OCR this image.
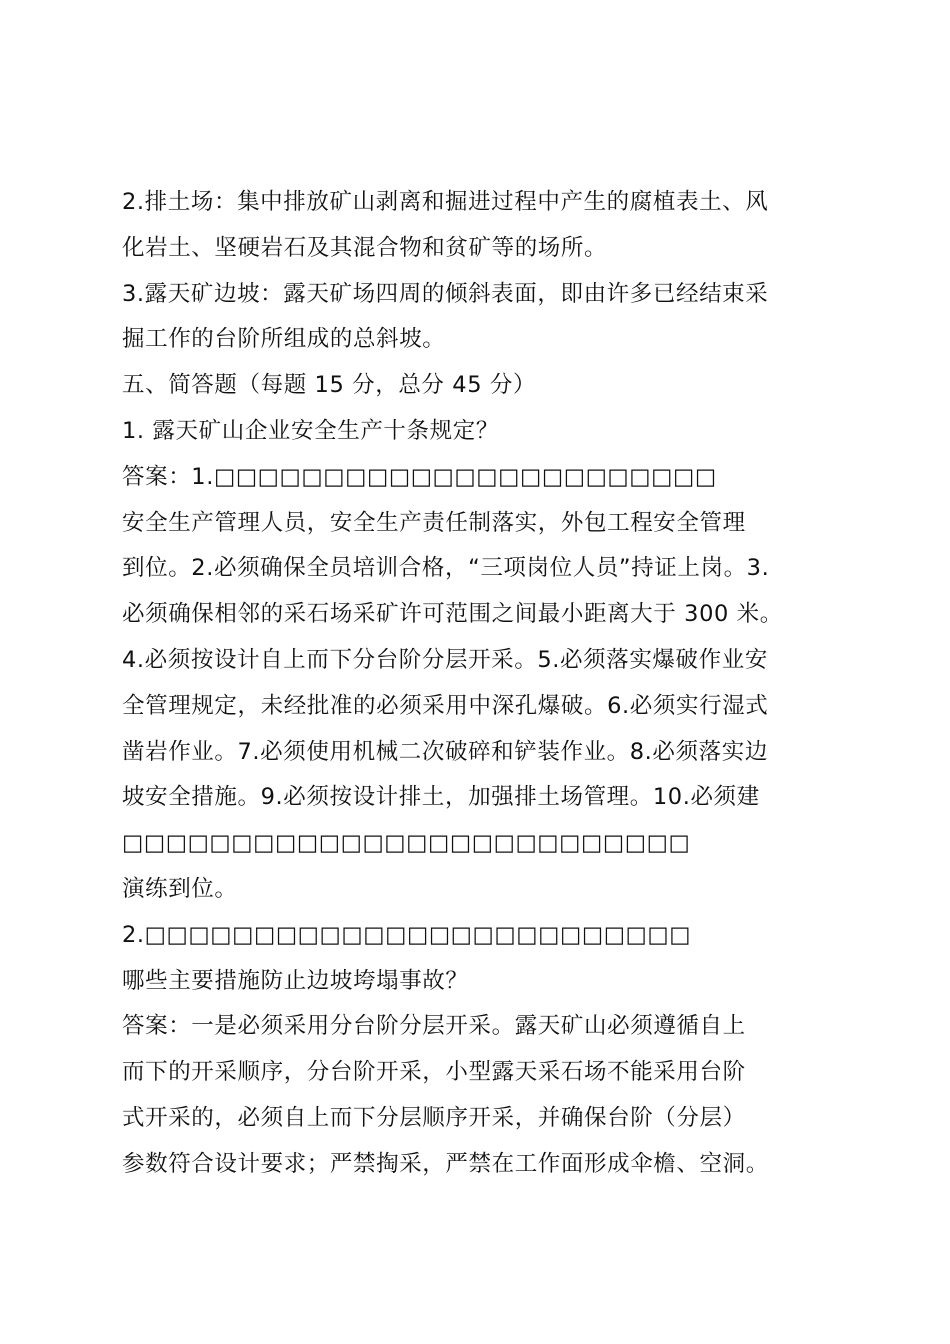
2.排土场：集中排放矿山剥离和掘进过程中产生的腐植表土、风
化岩土、坚硬岩石及其混合物和贫矿等的场所。
3.露天矿边坡：露天矿场四周的倾斜表面，即由许多已经结束采
掘工作的台阶所组成的总斜坡。
五、简答题（每题 15 分，总分 45 分）
1. 露天矿山企业安全生产十条规定？
答案：1.□□□□□□□□□□□□□□□□□□□□□□□
安全生产管理人员，安全生产责任制落实，外包工程安全管理
到位。2.必须确保全员培训合格，“三项岗位人员”持证上岗。3.
必须确保相邻的采石场采矿许可范围之间最小距离大于 300 米。
4.必须按设计自上而下分台阶分层开采。5.必须落实爆破作业安
全管理规定，未经批准的必须采用中深孔爆破。6.必须实行湿式
凿岩作业。7.必须使用机械二次破碎和铲装作业。8.必须落实边
坡安全措施。9.必须按设计排土，加强排土场管理。10.必须建
□□□□□□□□□□□□□□□□□□□□□□□□□□
演练到位。
2.□□□□□□□□□□□□□□□□□□□□□□□□□
哪些主要措施防止边坡垮塌事故？
答案：一是必须采用分台阶分层开采。露天矿山必须遵循自上
而下的开采顺序，分台阶开采，小型露天采石场不能采用台阶
式开采的，必须自上而下分层顺序开采，并确保台阶（分层）
参数符合设计要求；严禁掏采，严禁在工作面形成伞檐、空洞。
